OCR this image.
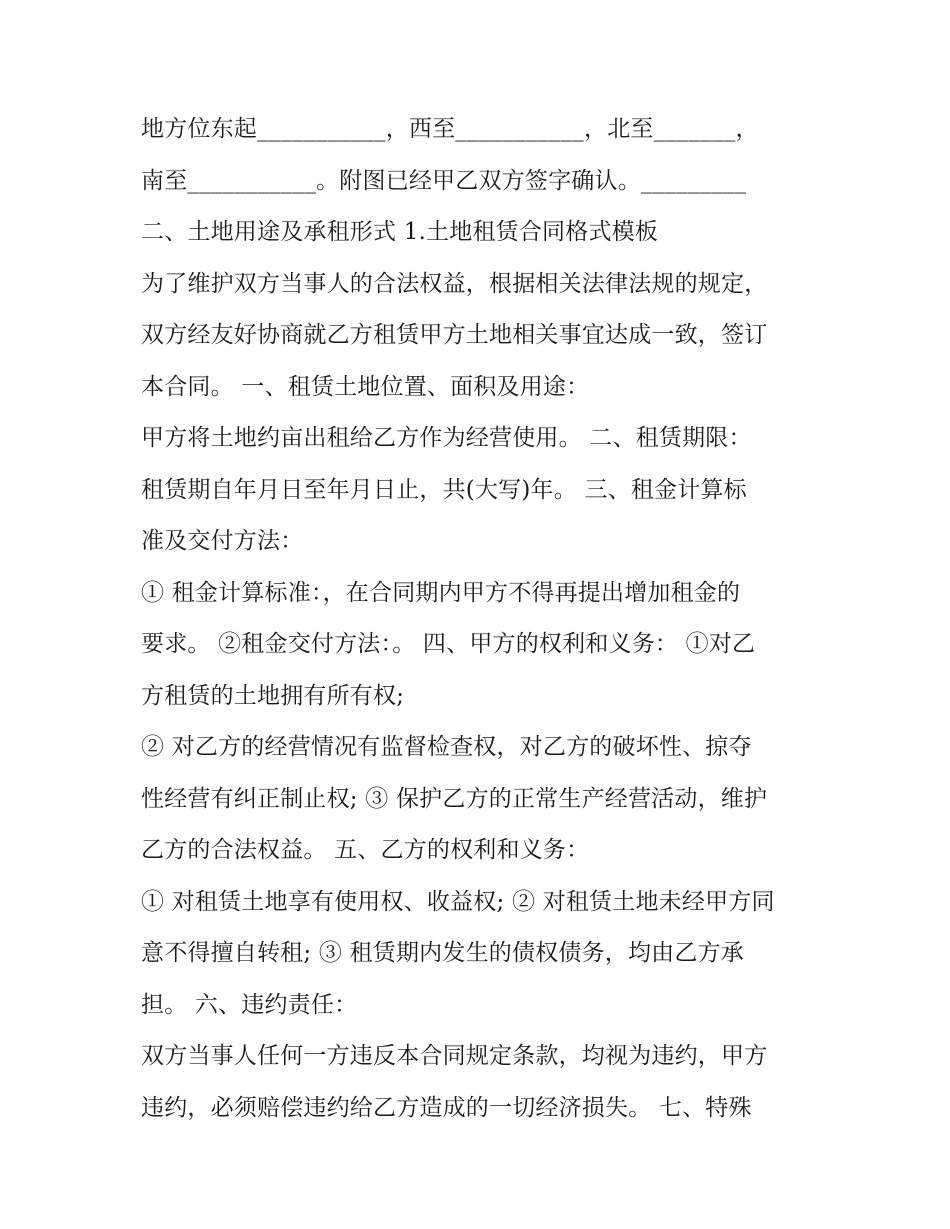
地方位东起___________，西至___________，北至_______，
南至___________。附图已经甲乙双方签字确认。_________
二、土地用途及承租形式 1.土地租赁合同格式模板
为了维护双方当事人的合法权益，根据相关法律法规的规定，
双方经友好协商就乙方租赁甲方土地相关事宜达成一致，签订
本合同。 一、租赁土地位置、面积及用途：
甲方将土地约亩出租给乙方作为经营使用。 二、租赁期限：
租赁期自年月日至年月日止，共(大写)年。 三、租金计算标
准及交付方法：
① 租金计算标准：，在合同期内甲方不得再提出增加租金的
要求。 ②租金交付方法：。 四、甲方的权利和义务： ①对乙
方租赁的土地拥有所有权;
② 对乙方的经营情况有监督检查权，对乙方的破坏性、掠夺
性经营有纠正制止权; ③ 保护乙方的正常生产经营活动，维护
乙方的合法权益。 五、乙方的权利和义务：
① 对租赁土地享有使用权、收益权; ② 对租赁土地未经甲方同
意不得擅自转租; ③ 租赁期内发生的债权债务，均由乙方承
担。 六、违约责任：
双方当事人任何一方违反本合同规定条款，均视为违约，甲方
违约，必须赔偿违约给乙方造成的一切经济损失。 七、特殊
